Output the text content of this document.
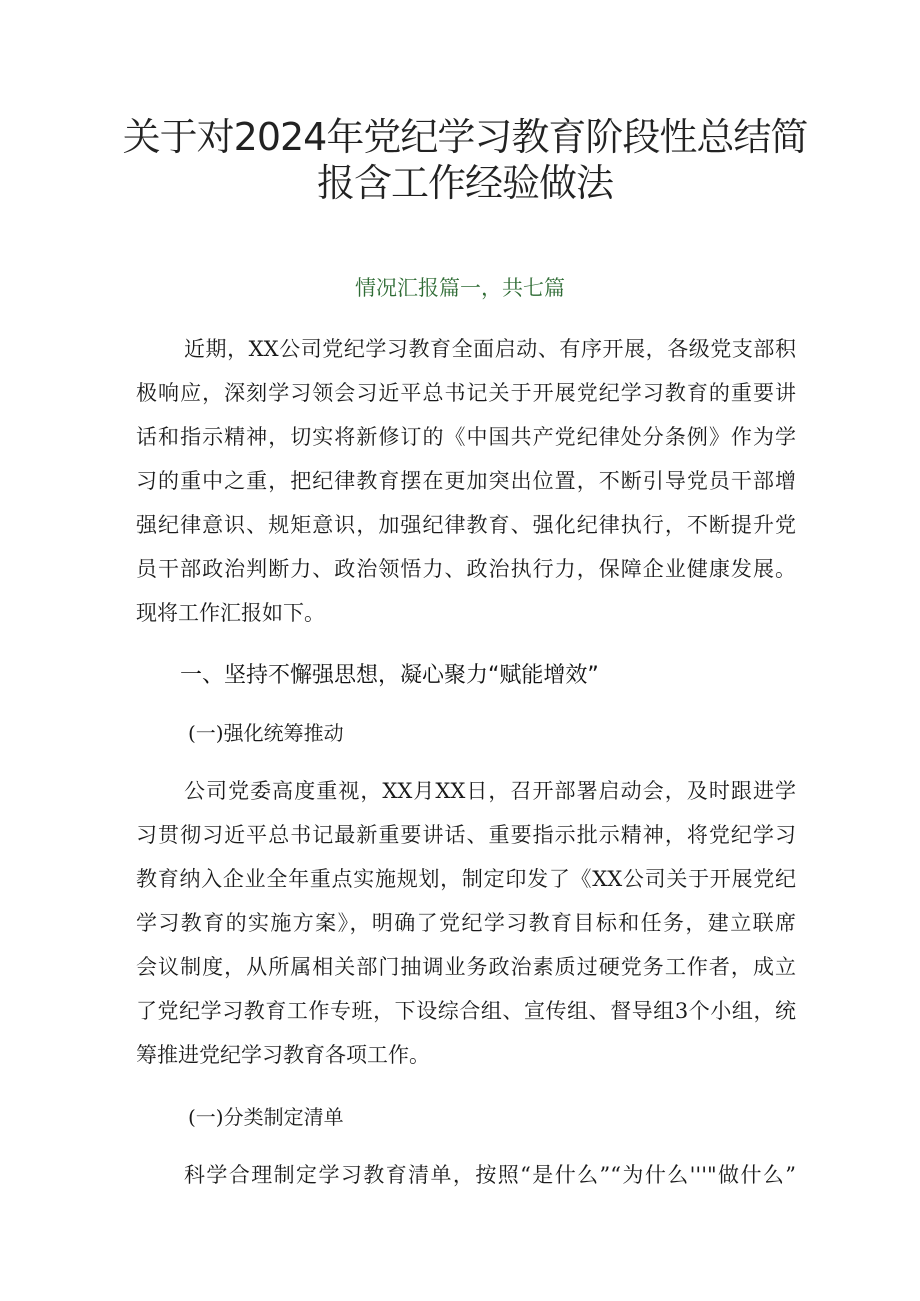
关于对2024年党纪学习教育阶段性总结简
报含工作经验做法
情况汇报篇一，共七篇
近期，XX公司党纪学习教育全面启动、有序开展，各级党支部积
极响应，深刻学习领会习近平总书记关于开展党纪学习教育的重要讲
话和指示精神，切实将新修订的《中国共产党纪律处分条例》作为学
习的重中之重，把纪律教育摆在更加突出位置，不断引导党员干部增
强纪律意识、规矩意识，加强纪律教育、强化纪律执行，不断提升党
员干部政治判断力、政治领悟力、政治执行力，保障企业健康发展。
现将工作汇报如下。
一、坚持不懈强思想，凝心聚力“赋能增效”
(一)强化统筹推动
公司党委高度重视，XX月XX日，召开部署启动会，及时跟进学
习贯彻习近平总书记最新重要讲话、重要指示批示精神，将党纪学习
教育纳入企业全年重点实施规划，制定印发了《XX公司关于开展党纪
学习教育的实施方案》，明确了党纪学习教育目标和任务，建立联席
会议制度，从所属相关部门抽调业务政治素质过硬党务工作者，成立
了党纪学习教育工作专班，下设综合组、宣传组、督导组3个小组，统
筹推进党纪学习教育各项工作。
(一)分类制定清单
科学合理制定学习教育清单，按照“是什么”“为什么'''"做什么”
